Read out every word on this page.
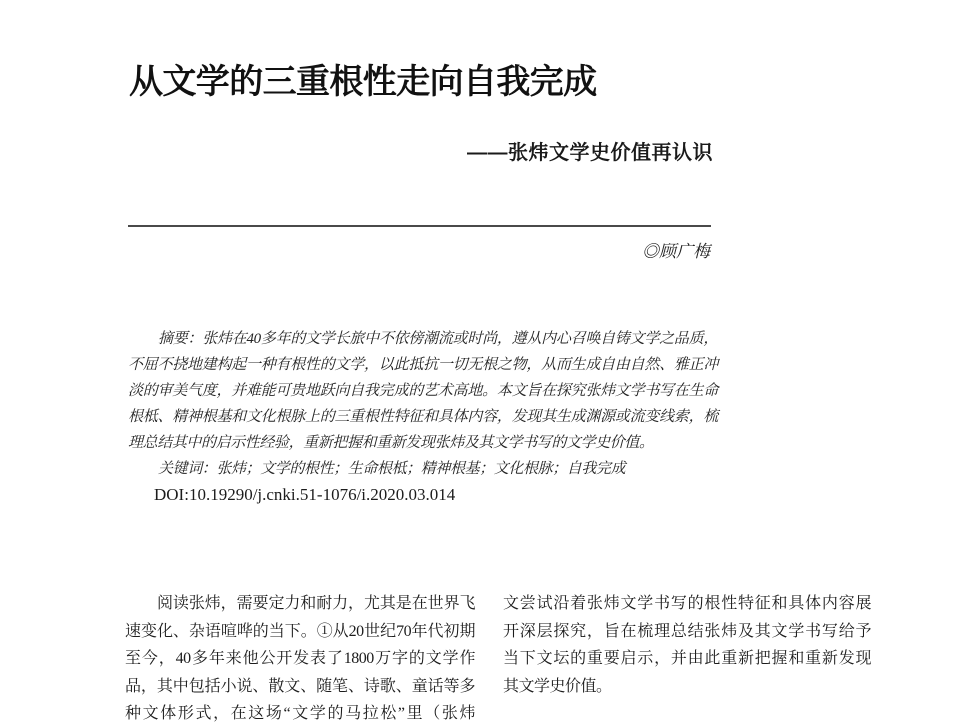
从文学的三重根性走向自我完成
——张炜文学史价值再认识
◎顾广梅
摘要：张炜在40多年的文学长旅中不依傍潮流或时尚，遵从内心召唤自铸文学之品质，
不屈不挠地建构起一种有根性的文学，以此抵抗一切无根之物，从而生成自由自然、雅正冲
淡的审美气度，并难能可贵地跃向自我完成的艺术高地。本文旨在探究张炜文学书写在生命
根柢、精神根基和文化根脉上的三重根性特征和具体内容，发现其生成渊源或流变线索，梳
理总结其中的启示性经验，重新把握和重新发现张炜及其文学书写的文学史价值。
关键词：张炜；文学的根性；生命根柢；精神根基；文化根脉；自我完成
DOI:10.19290/j.cnki.51-1076/i.2020.03.014
阅读张炜，需要定力和耐力，尤其是在世界飞
速变化、杂语喧哗的当下。①从20世纪70年代初期
至今，40多年来他公开发表了1800万字的文学作
品，其中包括小说、散文、随笔、诗歌、童话等多
种文体形式，在这场“文学的马拉松”里（张炜
文尝试沿着张炜文学书写的根性特征和具体内容展
开深层探究，旨在梳理总结张炜及其文学书写给予
当下文坛的重要启示，并由此重新把握和重新发现
其文学史价值。
